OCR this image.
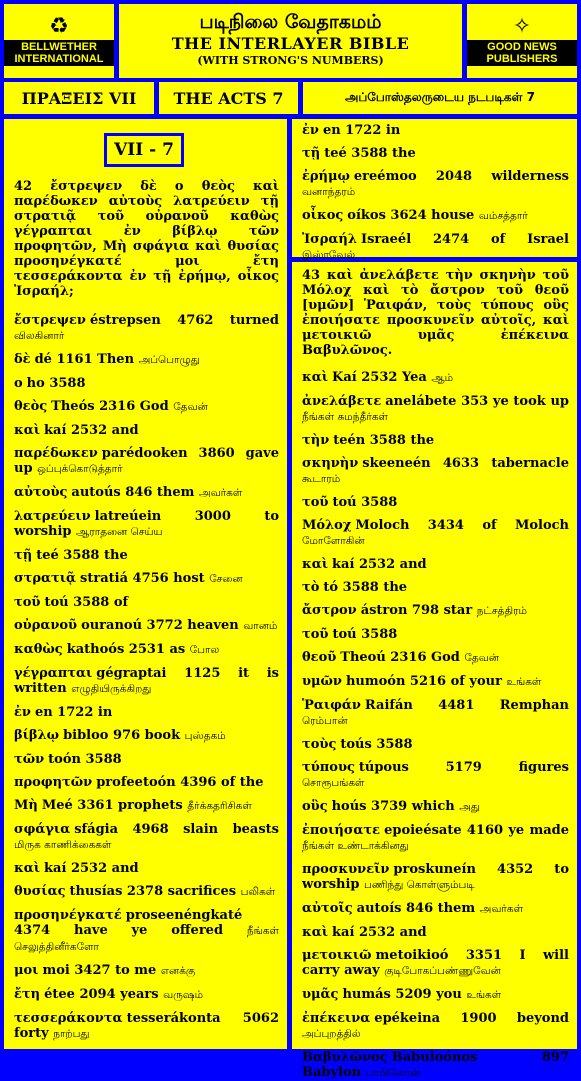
♻
BELLWETHER INTERNATIONAL
படிநிலை வேதாகமம்
THE INTERLAYER BIBLE
(WITH STRONG'S NUMBERS)
✧
GOOD NEWS PUBLISHERS
ΠΡΑΞΕΙΣ VII	THE ACTS 7	அப்போஸ்தலருடைய நடபடிகள் 7
VII - 7
42 ἔστρεψεν δὲ ο θεὸς καὶ παρέδωκεν αὐτοὺς λατρεύειν τῇ στρατιᾷ τοῦ οὐρανοῦ καθὼς γέγραπται ἐν βίβλῳ τῶν προφητῶν, Μὴ σφάγια καὶ θυσίας προσηνέγκατέ μοι ἔτη τεσσεράκοντα ἐν τῇ ἐρήμῳ, οἶκος Ἰσραήλ;
ἔστρεψεν éstrepsen 4762 turned விலகினார்
δὲ dé 1161 Then அப்பொழுது
ο ho 3588
θεὸς Theós 2316 God தேவன்
καὶ kaí 2532 and
παρέδωκεν parédooken 3860 gave up ஒப்புக்கொடுத்தார்
αὐτοὺς autoús 846 them அவர்கள்
λατρεύειν latreúein 3000 to worship ஆராதனை செய்ய
τῇ teé 3588 the
στρατιᾷ stratiá 4756 host சேனை
τοῦ toú 3588 of
οὐρανοῦ ouranoú 3772 heaven வானம்
καθὼς kathoós 2531 as போல
γέγραπται gégraptai 1125 it is written எழுதியிருக்கிறது
ἐν en 1722 in
βίβλῳ bibloo 976 book புஸ்தகம்
τῶν toón 3588
προφητῶν profeetoón 4396 of the
Μὴ Meé 3361 prophets தீர்க்கதரிசிகள்
σφάγια sfágia 4968 slain beasts மிருக காணிக்கைகள்
καὶ kaí 2532 and
θυσίας thusías 2378 sacrifices பலிகள்
προσηνέγκατέ proseenéngkaté 4374 have ye offered நீங்கள் செலுத்தினீர்களோ
μοι moi 3427 to me எனக்கு
ἔτη étee 2094 years வருஷம்
τεσσεράκοντα tesserákonta 5062 forty நாற்பது
ἐν en 1722 in
τῇ teé 3588 the
ἐρήμῳ ereémoo 2048 wilderness வனாந்தரம்
οἶκος oíkos 3624 house வம்சத்தார்
Ἰσραήλ Israeél 2474 of Israel இஸ்ரவேல்
43 καὶ ἀνελάβετε τὴν σκηνὴν τοῦ Μόλοχ καὶ τὸ ἄστρον τοῦ θεοῦ [υμῶν] Ῥαιφάν, τοὺς τύπους οὓς ἐποιήσατε προσκυνεῖν αὐτοῖς, καὶ μετοικιῶ υμᾶς ἐπέκεινα Βαβυλῶνος.
καὶ Kaí 2532 Yea ஆம்
ἀνελάβετε anelábete 353 ye took up நீங்கள் சுமந்தீர்கள்
τὴν teén 3588 the
σκηνὴν skeeneén 4633 tabernacle கூடாரம்
τοῦ toú 3588
Μόλοχ Moloch 3434 of Moloch மோளோகின்
καὶ kaí 2532 and
τὸ tó 3588 the
ἄστρον ástron 798 star நட்சத்திரம்
τοῦ toú 3588
θεοῦ Theoú 2316 God தேவன்
υμῶν humoón 5216 of your உங்கள்
Ῥαιφάν Raifán 4481 Remphan ரெம்பான்
τοὺς toús 3588
τύπους túpous 5179 figures சொரூபங்கள்
οὓς hoús 3739 which அது
ἐποιήσατε epoieésate 4160 ye made நீங்கள் உண்டாக்கினது
προσκυνεῖν proskuneín 4352 to worship பணிந்து கொள்ளும்படி
αὐτοῖς autoís 846 them அவர்கள்
καὶ kaí 2532 and
μετοικιῶ metoikioó 3351 I will carry away குடிபோகப்பண்ணுவேன்
υμᾶς humás 5209 you உங்கள்
ἐπέκεινα epékeina 1900 beyond அப்புறத்தில்
Βαβυλῶνος Babuloónos 897 Babylon பாபிலோன்
